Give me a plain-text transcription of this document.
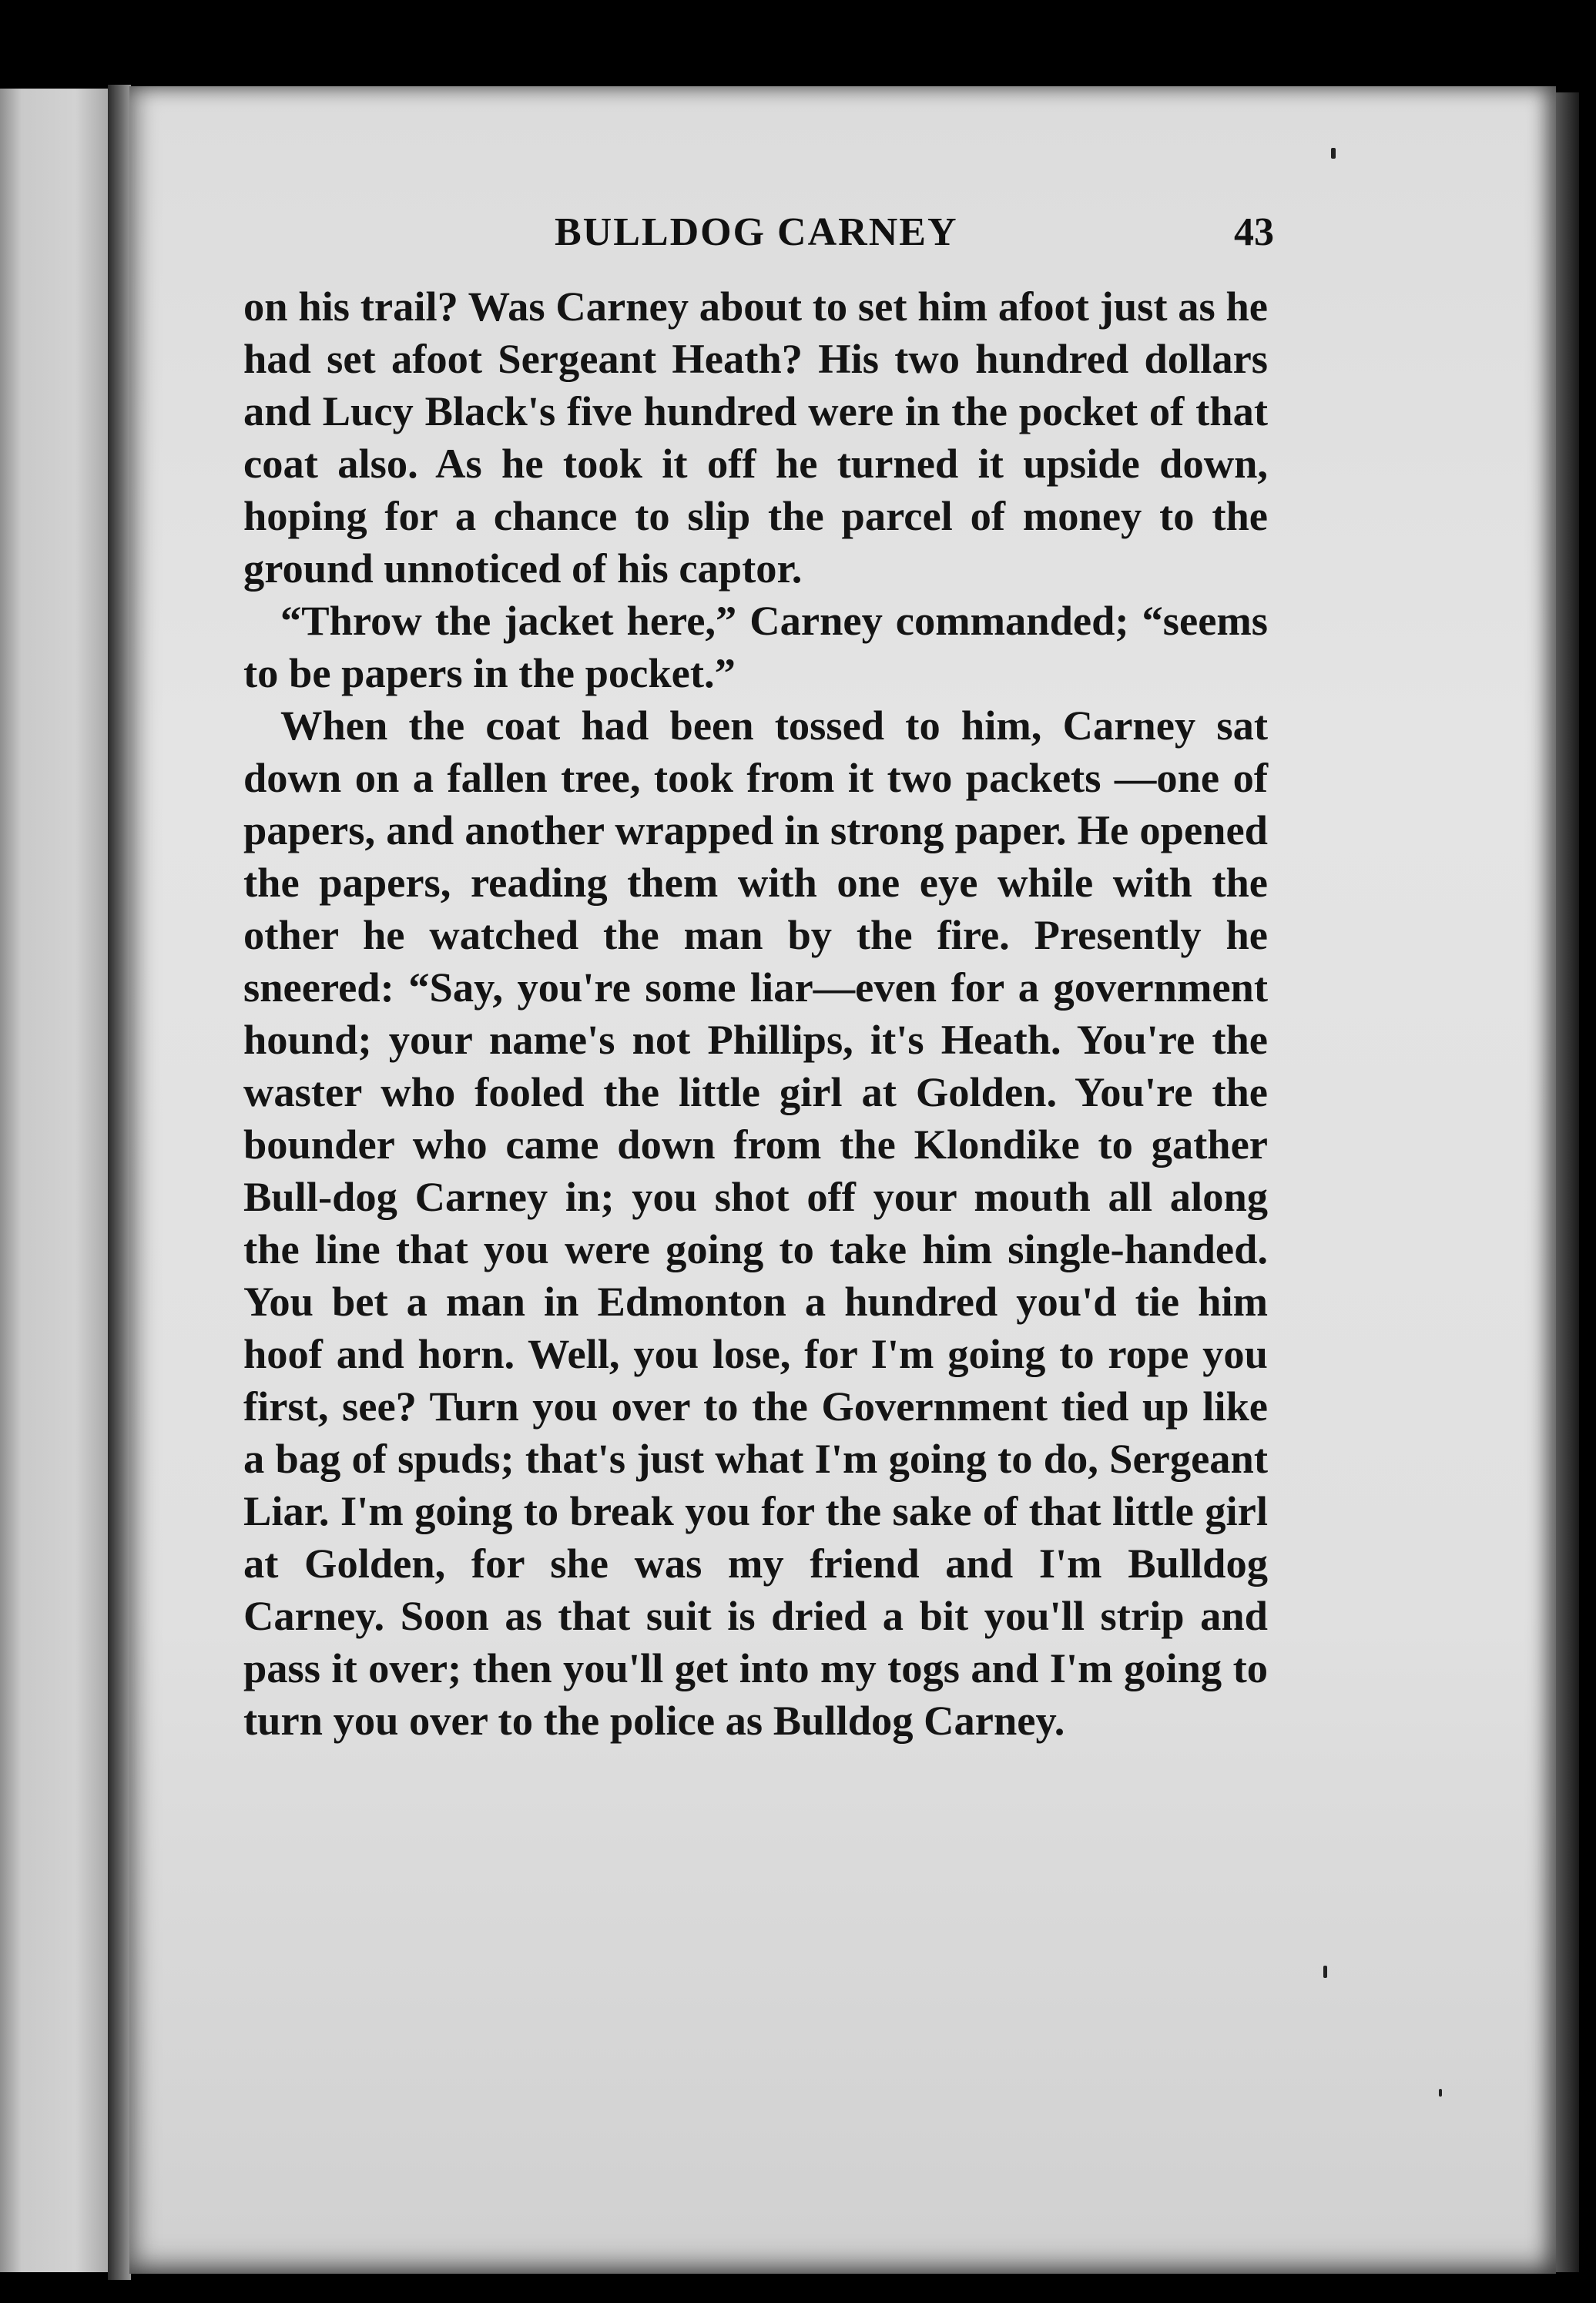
BULLDOG CARNEY	43

on his trail? Was Carney about to set him afoot just as he had set afoot Sergeant Heath? His two hundred dollars and Lucy Black's five hundred were in the pocket of that coat also. As he took it off he turned it upside down, hoping for a chance to slip the parcel of money to the ground unnoticed of his captor.

“Throw the jacket here,” Carney commanded; “seems to be papers in the pocket.”

When the coat had been tossed to him, Carney sat down on a fallen tree, took from it two packets —one of papers, and another wrapped in strong paper. He opened the papers, reading them with one eye while with the other he watched the man by the fire. Presently he sneered: “Say, you're some liar—even for a government hound; your name's not Phillips, it's Heath. You're the waster who fooled the little girl at Golden. You're the bounder who came down from the Klondike to gather Bull-dog Carney in; you shot off your mouth all along the line that you were going to take him single-handed. You bet a man in Edmonton a hundred you'd tie him hoof and horn. Well, you lose, for I'm going to rope you first, see? Turn you over to the Government tied up like a bag of spuds; that's just what I'm going to do, Sergeant Liar. I'm going to break you for the sake of that little girl at Golden, for she was my friend and I'm Bulldog Carney. Soon as that suit is dried a bit you'll strip and pass it over; then you'll get into my togs and I'm going to turn you over to the police as Bulldog Carney.
